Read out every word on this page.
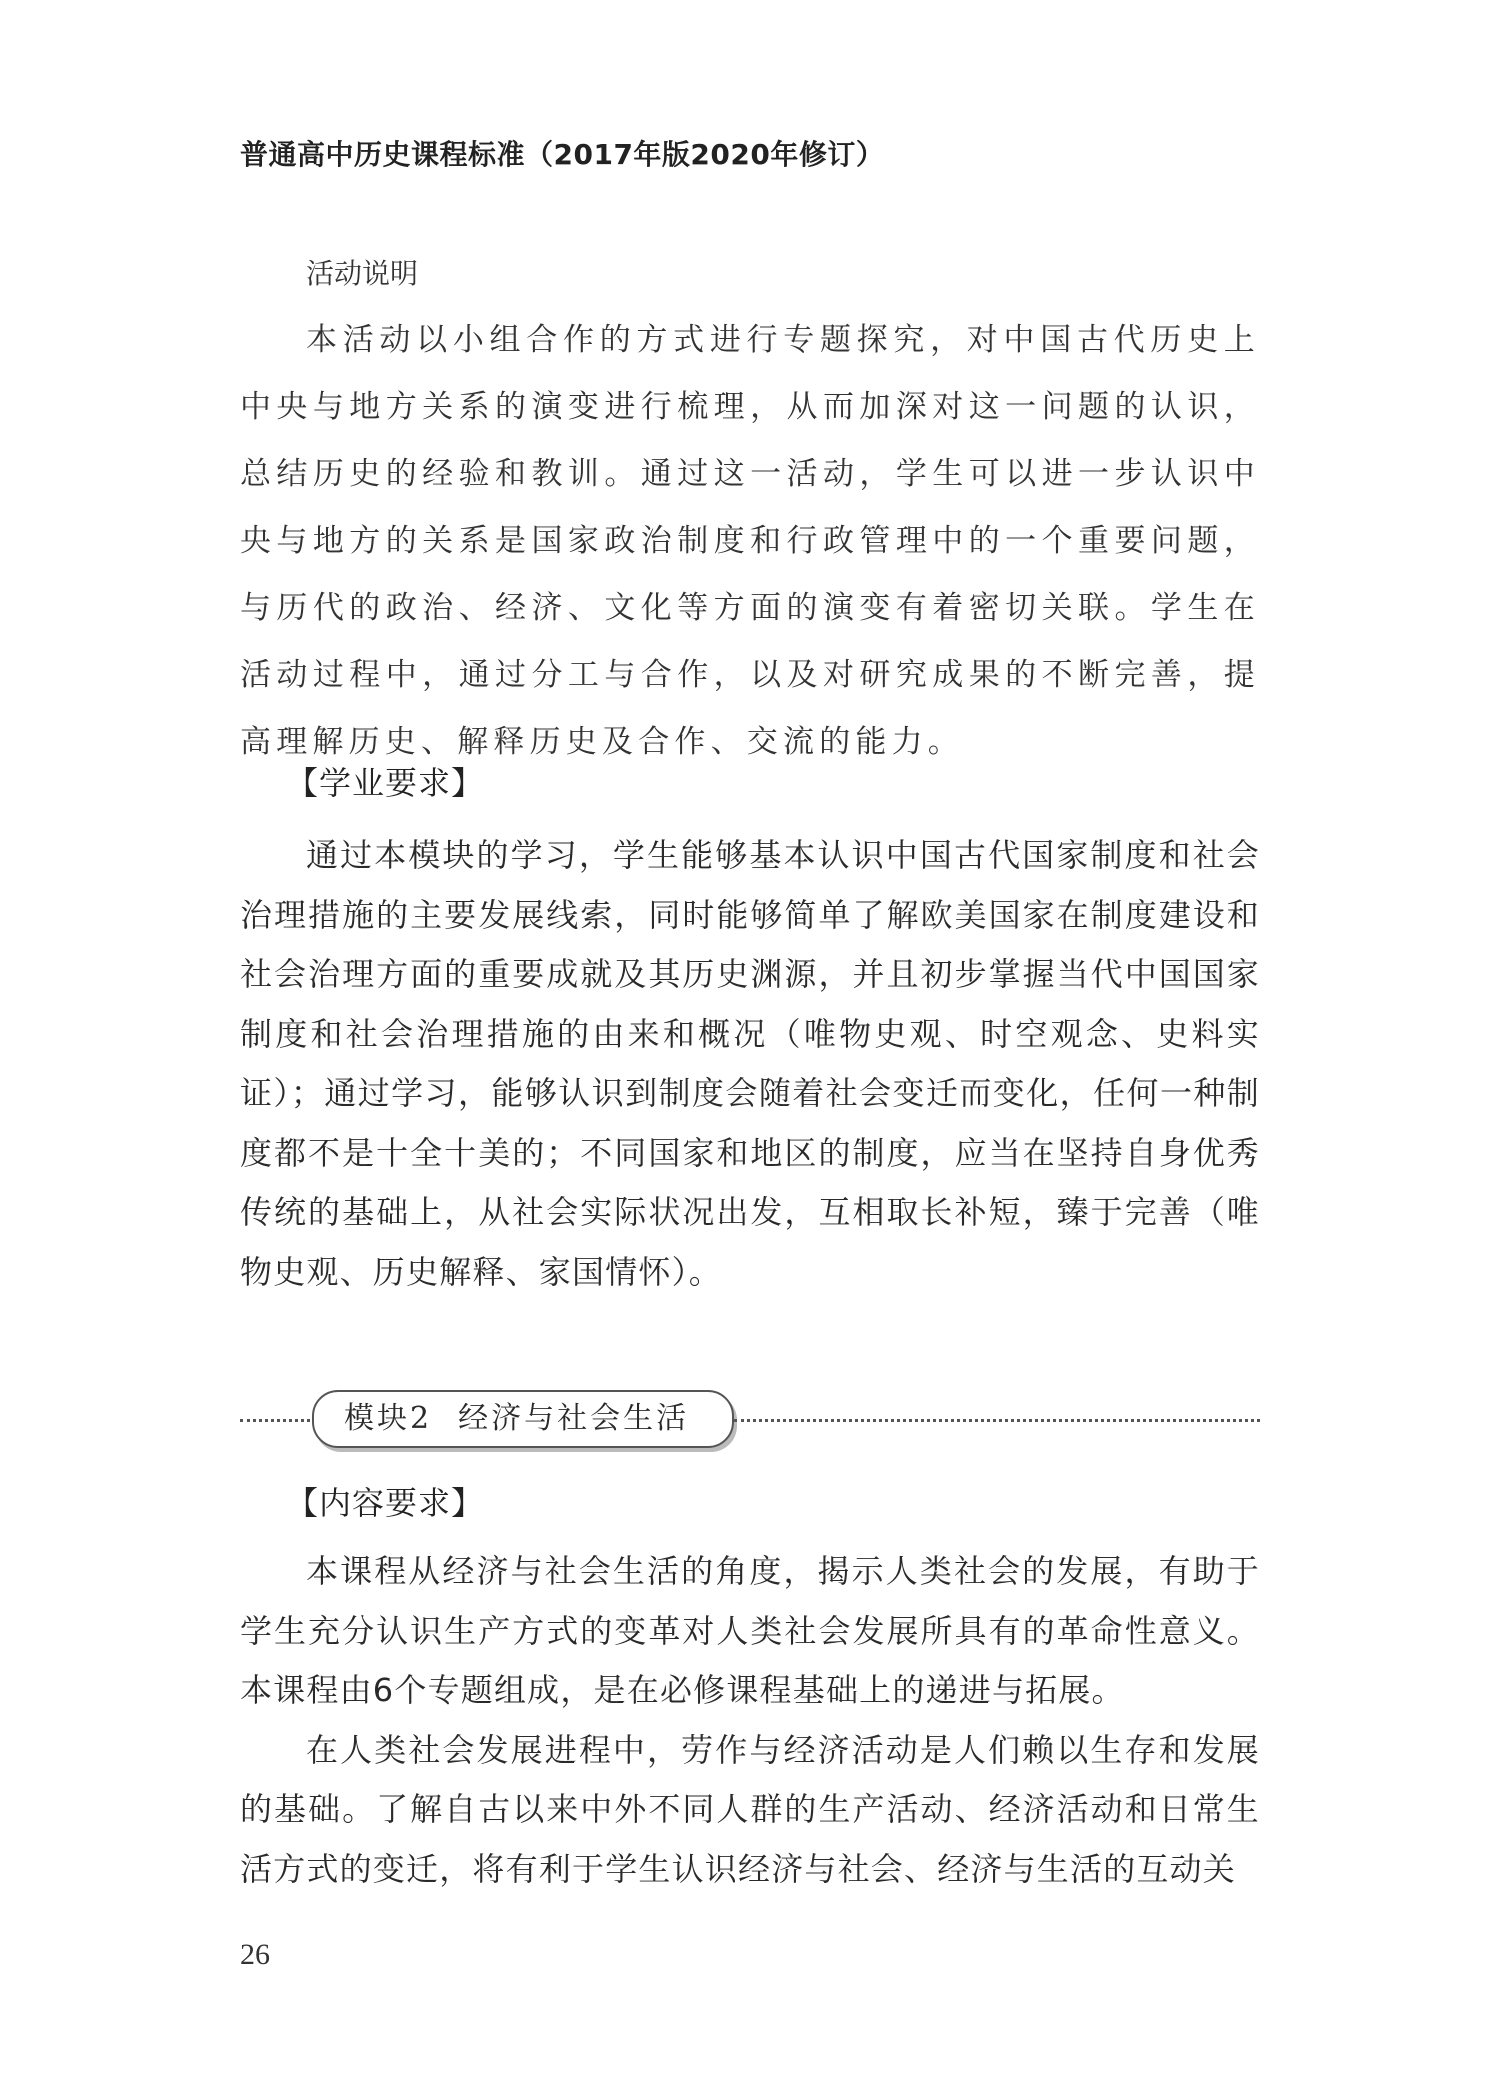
普通高中历史课程标准（2017年版2020年修订）
活动说明

本活动以小组合作的方式进行专题探究，对中国古代历史上中央与地方关系的演变进行梳理，从而加深对这一问题的认识，总结历史的经验和教训。通过这一活动，学生可以进一步认识中央与地方的关系是国家政治制度和行政管理中的一个重要问题，与历代的政治、经济、文化等方面的演变有着密切关联。学生在活动过程中，通过分工与合作，以及对研究成果的不断完善，提高理解历史、解释历史及合作、交流的能力。

【学业要求】

通过本模块的学习，学生能够基本认识中国古代国家制度和社会治理措施的主要发展线索，同时能够简单了解欧美国家在制度建设和社会治理方面的重要成就及其历史渊源，并且初步掌握当代中国国家制度和社会治理措施的由来和概况（唯物史观、时空观念、史料实证）；通过学习，能够认识到制度会随着社会变迁而变化，任何一种制度都不是十全十美的；不同国家和地区的制度，应当在坚持自身优秀传统的基础上，从社会实际状况出发，互相取长补短，臻于完善（唯物史观、历史解释、家国情怀）。

模块2 经济与社会生活
【内容要求】

本课程从经济与社会生活的角度，揭示人类社会的发展，有助于学生充分认识生产方式的变革对人类社会发展所具有的革命性意义。本课程由6个专题组成，是在必修课程基础上的递进与拓展。

在人类社会发展进程中，劳作与经济活动是人们赖以生存和发展的基础。了解自古以来中外不同人群的生产活动、经济活动和日常生活方式的变迁，将有利于学生认识经济与社会、经济与生活的互动关

26
